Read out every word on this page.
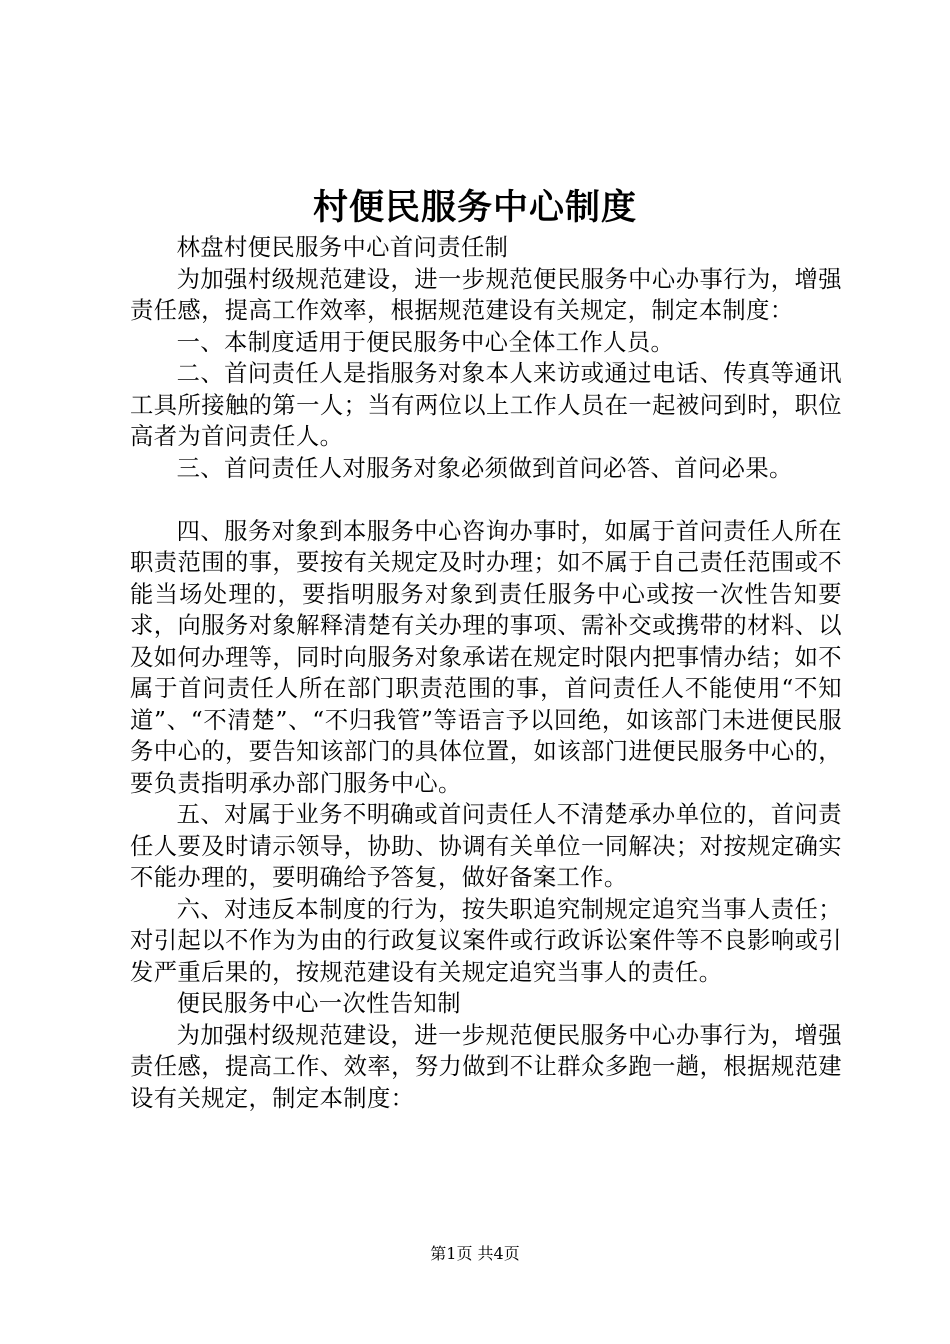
村便民服务中心制度

林盘村便民服务中心首问责任制

为加强村级规范建设，进一步规范便民服务中心办事行为，增强责任感，提高工作效率，根据规范建设有关规定，制定本制度：

一、本制度适用于便民服务中心全体工作人员。

二、首问责任人是指服务对象本人来访或通过电话、传真等通讯工具所接触的第一人；当有两位以上工作人员在一起被问到时，职位高者为首问责任人。

三、首问责任人对服务对象必须做到首问必答、首问必果。

四、服务对象到本服务中心咨询办事时，如属于首问责任人所在职责范围的事，要按有关规定及时办理；如不属于自己责任范围或不能当场处理的，要指明服务对象到责任服务中心或按一次性告知要求，向服务对象解释清楚有关办理的事项、需补交或携带的材料、以及如何办理等，同时向服务对象承诺在规定时限内把事情办结；如不属于首问责任人所在部门职责范围的事，首问责任人不能使用“不知道”、“不清楚”、“不归我管”等语言予以回绝，如该部门未进便民服务中心的，要告知该部门的具体位置，如该部门进便民服务中心的，要负责指明承办部门服务中心。

五、对属于业务不明确或首问责任人不清楚承办单位的，首问责任人要及时请示领导，协助、协调有关单位一同解决；对按规定确实不能办理的，要明确给予答复，做好备案工作。

六、对违反本制度的行为，按失职追究制规定追究当事人责任；对引起以不作为为由的行政复议案件或行政诉讼案件等不良影响或引发严重后果的，按规范建设有关规定追究当事人的责任。

便民服务中心一次性告知制

为加强村级规范建设，进一步规范便民服务中心办事行为，增强责任感，提高工作、效率，努力做到不让群众多跑一趟，根据规范建设有关规定，制定本制度：

第1页 共4页
